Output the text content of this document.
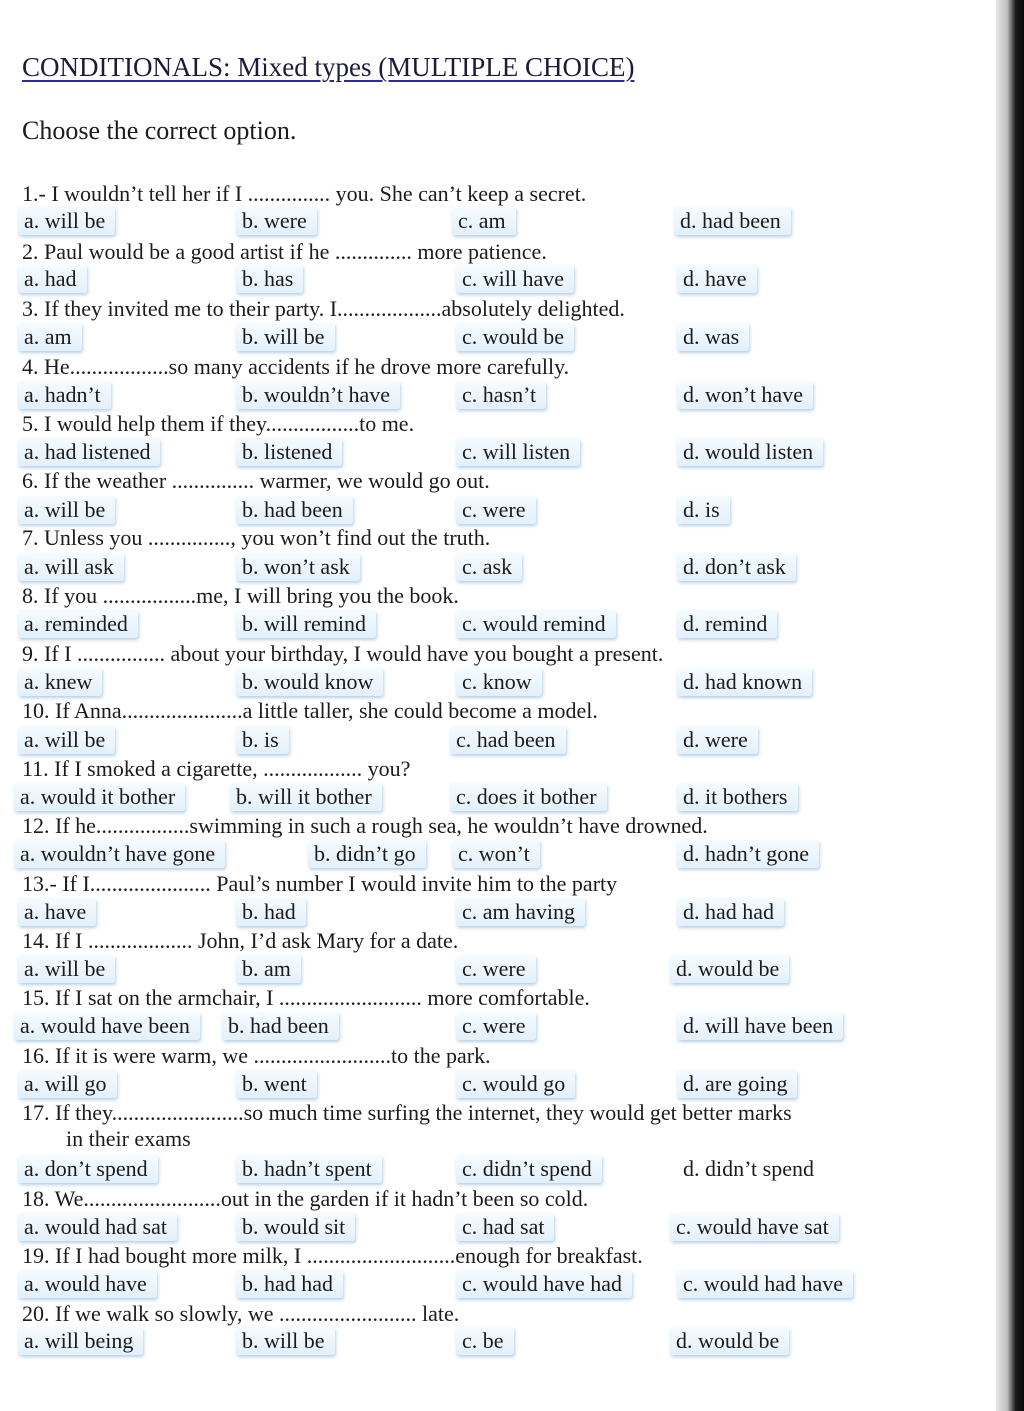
CONDITIONALS: Mixed types (MULTIPLE CHOICE)
Choose the correct option.
1.- I wouldn’t tell her if I ............... you. She can’t keep a secret.
a. will be	b. were	c. am	d. had been
2. Paul would be a good artist if he .............. more patience.
a. had	b. has	c. will have	d. have
3. If they invited me to their party. I...................absolutely delighted.
a. am	b. will be	c. would be	d. was
4. He..................so many accidents if he drove more carefully.
a. hadn’t	b. wouldn’t have	c. hasn’t	d. won’t have
5. I would help them if they.................to me.
a. had listened	b. listened	c. will listen	d. would listen
6. If the weather ............... warmer, we would go out.
a. will be	b. had been	c. were	d. is
7. Unless you ..............., you won’t find out the truth.
a. will ask	b. won’t ask	c. ask	d. don’t ask
8. If you .................me, I will bring you the book.
a. reminded	b. will remind	c. would remind	d. remind
9. If I ................ about your birthday, I would have you bought a present.
a. knew	b. would know	c. know	d. had known
10. If Anna......................a little taller, she could become a model.
a. will be	b. is	c. had been	d. were
11. If I smoked a cigarette, .................. you?
a. would it bother	b. will it bother	c. does it bother	d. it bothers
12. If he.................swimming in such a rough sea, he wouldn’t have drowned.
a. wouldn’t have gone	b. didn’t go	c. won’t	d. hadn’t gone
13.- If I...................... Paul’s number I would invite him to the party
a. have	b. had	c. am having	d. had had
14. If I ................... John, I’d ask Mary for a date.
a. will be	b. am	c. were	d. would be
15. If I sat on the armchair, I .......................... more comfortable.
a. would have been	b. had been	c. were	d. will have been
16. If it is were warm, we .........................to the park.
a. will go	b. went	c. would go	d. are going
17. If they........................so much time surfing the internet, they would get better marks
in their exams
a. don’t spend	b. hadn’t spent	c. didn’t spend	d. didn’t spend
18. We.........................out in the garden if it hadn’t been so cold.
a. would had sat	b. would sit	c. had sat	c. would have sat
19. If I had bought more milk, I ...........................enough for breakfast.
a. would have	b. had had	c. would have had	c. would had have
20. If we walk so slowly, we ......................... late.
a. will being	b. will be	c. be	d. would be
